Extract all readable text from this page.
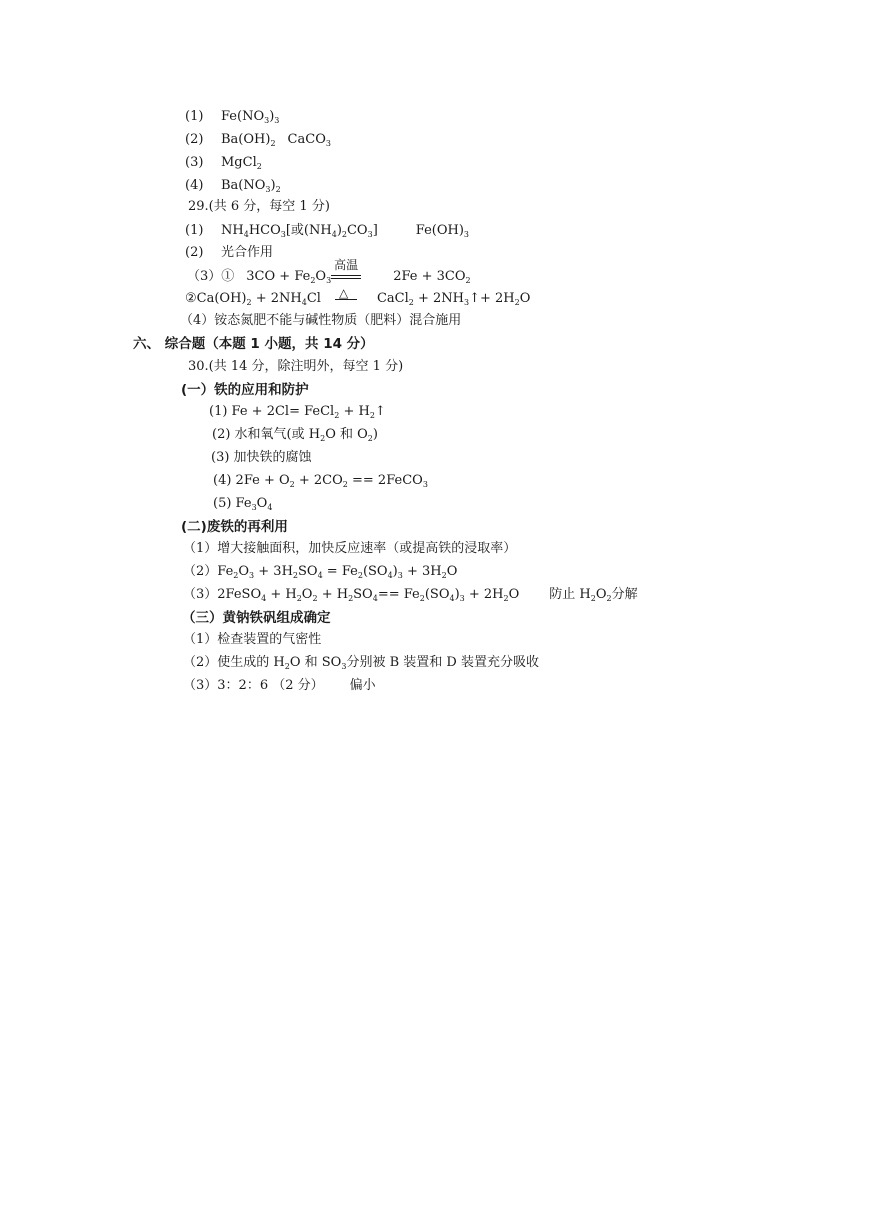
(1) $Fe(NO_3)_3$
(2) $Ba(OH)_2$ CaCO$_3$
(3) MgCl$_2$
(4) $Ba(NO_3)_2$
29.(共 6 分，每空 1 分)
(1) $NH_4HCO_3$[或$(NH_4)_2CO_3$]	$Fe(OH)_3$
(2) 光合作用
（3）① $3CO + Fe_2O_3$
高温
$2Fe + 3CO_2$
$②Ca(OH)_2 + 2NH_4Cl$ △ CaCl$_2$ + $2NH_3↑+ 2H_2O$
（4）铵态氮肥不能与碱性物质（肥料）混合施用
六、 综合题（本题 1 小题，共 14 分）
30.(共 14 分，除注明外，每空 1 分)
(一）铁的应用和防护
(1) Fe + 2Cl= FeCl$_2$ + $H_2↑$
(2) 水和氧气(或 $H_2O$ 和 $O_2$)
(3) 加快铁的腐蚀
(4) $2Fe + O_2 + 2CO_2$ == 2FeCO$_3$
(5) $Fe_3O_4$
(二)废铁的再利用
（1）增大接触面积，加快反应速率（或提高铁的浸取率）
$(2)Fe_2O_3 + 3H_2SO_4 = Fe_2(SO_4)_3 + 3H_2O$
（3）2FeSO$_4$ + $H_2O_2 + H_2SO_4== Fe_2(SO_4)_3 + 2H_2O$ 防止 $H_2O_2$分解
（三）黄钠铁矾组成确定
（1）检查装置的气密性
（2）使生成的 $H_2O$ 和 $SO_3$分别被 B 装置和 D 装置充分吸收
（3）3：2：6 （2 分） 偏小
